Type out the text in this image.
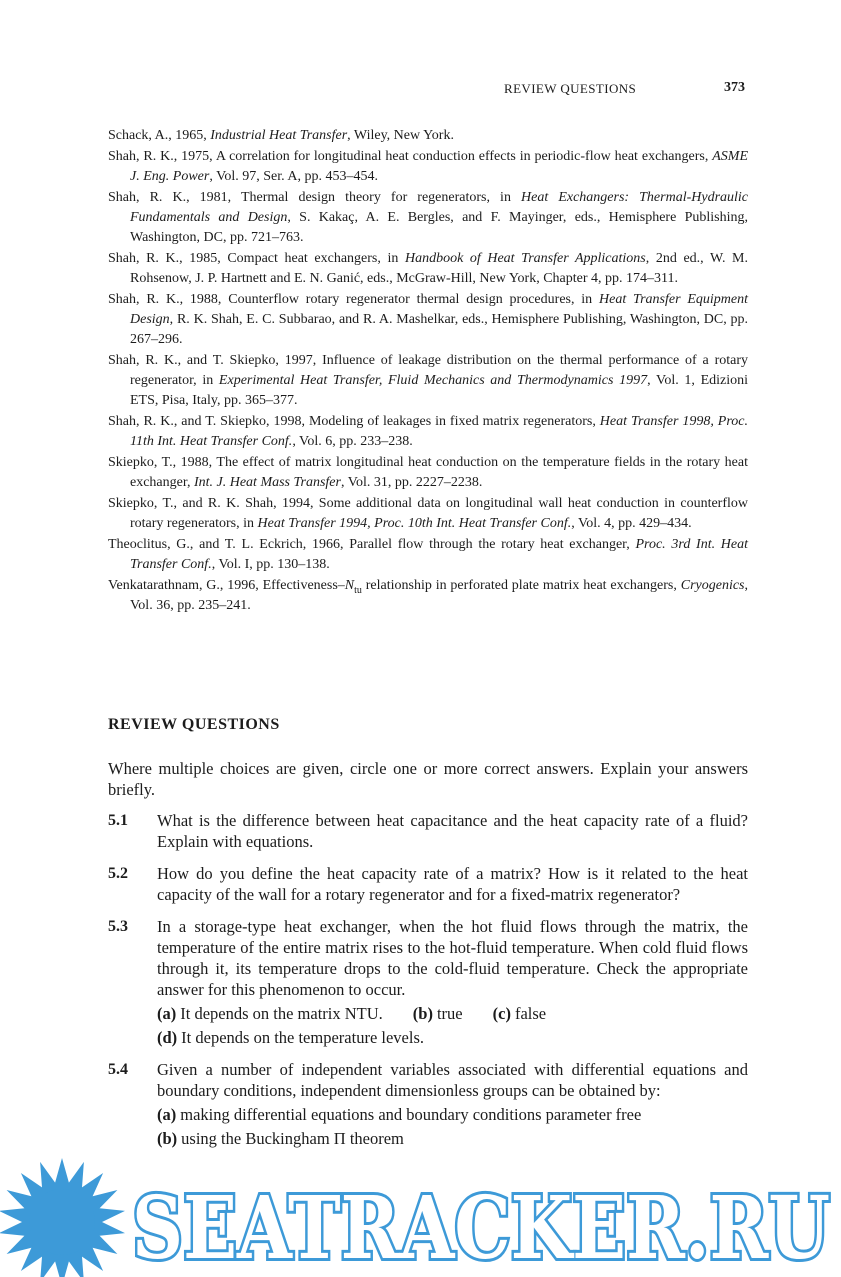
REVIEW QUESTIONS	373

Schack, A., 1965, Industrial Heat Transfer, Wiley, New York.

Shah, R. K., 1975, A correlation for longitudinal heat conduction effects in periodic-flow heat exchangers, ASME J. Eng. Power, Vol. 97, Ser. A, pp. 453–454.

Shah, R. K., 1981, Thermal design theory for regenerators, in Heat Exchangers: Thermal-Hydraulic Fundamentals and Design, S. Kakaç, A. E. Bergles, and F. Mayinger, eds., Hemisphere Publishing, Washington, DC, pp. 721–763.

Shah, R. K., 1985, Compact heat exchangers, in Handbook of Heat Transfer Applications, 2nd ed., W. M. Rohsenow, J. P. Hartnett and E. N. Ganić, eds., McGraw-Hill, New York, Chapter 4, pp. 174–311.

Shah, R. K., 1988, Counterflow rotary regenerator thermal design procedures, in Heat Transfer Equipment Design, R. K. Shah, E. C. Subbarao, and R. A. Mashelkar, eds., Hemisphere Publishing, Washington, DC, pp. 267–296.

Shah, R. K., and T. Skiepko, 1997, Influence of leakage distribution on the thermal performance of a rotary regenerator, in Experimental Heat Transfer, Fluid Mechanics and Thermodynamics 1997, Vol. 1, Edizioni ETS, Pisa, Italy, pp. 365–377.

Shah, R. K., and T. Skiepko, 1998, Modeling of leakages in fixed matrix regenerators, Heat Transfer 1998, Proc. 11th Int. Heat Transfer Conf., Vol. 6, pp. 233–238.

Skiepko, T., 1988, The effect of matrix longitudinal heat conduction on the temperature fields in the rotary heat exchanger, Int. J. Heat Mass Transfer, Vol. 31, pp. 2227–2238.

Skiepko, T., and R. K. Shah, 1994, Some additional data on longitudinal wall heat conduction in counterflow rotary regenerators, in Heat Transfer 1994, Proc. 10th Int. Heat Transfer Conf., Vol. 4, pp. 429–434.

Theoclitus, G., and T. L. Eckrich, 1966, Parallel flow through the rotary heat exchanger, Proc. 3rd Int. Heat Transfer Conf., Vol. I, pp. 130–138.

Venkatarathnam, G., 1996, Effectiveness–$N_{tu}$ relationship in perforated plate matrix heat exchangers, Cryogenics, Vol. 36, pp. 235–241.

REVIEW QUESTIONS

Where multiple choices are given, circle one or more correct answers. Explain your answers briefly.

5.1 What is the difference between heat capacitance and the heat capacity rate of a fluid? Explain with equations.

5.2 How do you define the heat capacity rate of a matrix? How is it related to the heat capacity of the wall for a rotary regenerator and for a fixed-matrix regenerator?

5.3 In a storage-type heat exchanger, when the hot fluid flows through the matrix, the temperature of the entire matrix rises to the hot-fluid temperature. When cold fluid flows through it, its temperature drops to the cold-fluid temperature. Check the appropriate answer for this phenomenon to occur.

(a) It depends on the matrix NTU. (b) true (c) false
(d) It depends on the temperature levels.
5.4 Given a number of independent variables associated with differential equations and boundary conditions, independent dimensionless groups can be obtained by:

(a) making differential equations and boundary conditions parameter free
(b) using the Buckingham Π theorem
SEATRACKER.RU
